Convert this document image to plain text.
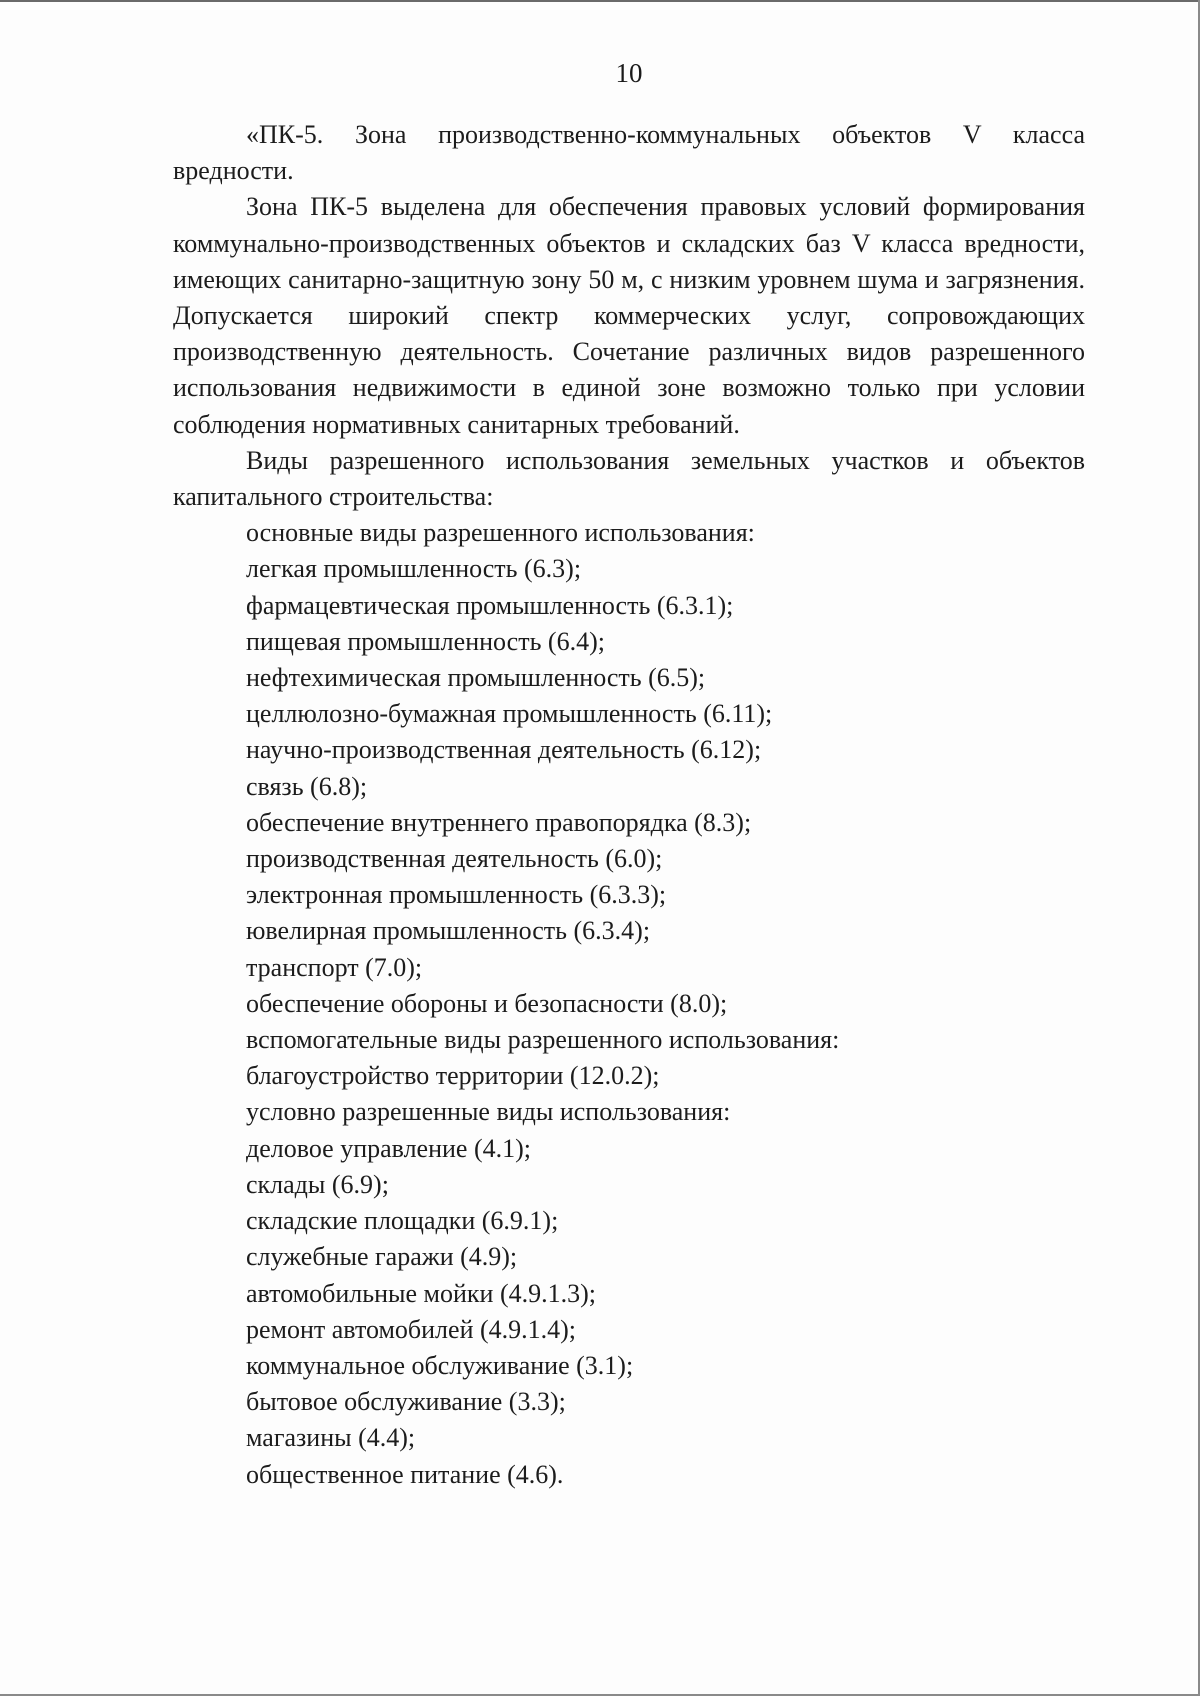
10

«ПК-5. Зона производственно-коммунальных объектов V класса вредности.

Зона ПК-5 выделена для обеспечения правовых условий формирования коммунально-производственных объектов и складских баз V класса вредности, имеющих санитарно-защитную зону 50 м, с низким уровнем шума и загрязнения. Допускается широкий спектр коммерческих услуг, сопровождающих производственную деятельность. Сочетание различных видов разрешенного использования недвижимости в единой зоне возможно только при условии соблюдения нормативных санитарных требований.

Виды разрешенного использования земельных участков и объектов капитального строительства:

основные виды разрешенного использования:
легкая промышленность (6.3);
фармацевтическая промышленность (6.3.1);
пищевая промышленность (6.4);
нефтехимическая промышленность (6.5);
целлюлозно-бумажная промышленность (6.11);
научно-производственная деятельность (6.12);
связь (6.8);
обеспечение внутреннего правопорядка (8.3);
производственная деятельность (6.0);
электронная промышленность (6.3.3);
ювелирная промышленность (6.3.4);
транспорт (7.0);
обеспечение обороны и безопасности (8.0);
вспомогательные виды разрешенного использования:
благоустройство территории (12.0.2);
условно разрешенные виды использования:
деловое управление (4.1);
склады (6.9);
складские площадки (6.9.1);
служебные гаражи (4.9);
автомобильные мойки (4.9.1.3);
ремонт автомобилей (4.9.1.4);
коммунальное обслуживание (3.1);
бытовое обслуживание (3.3);
магазины (4.4);
общественное питание (4.6).
